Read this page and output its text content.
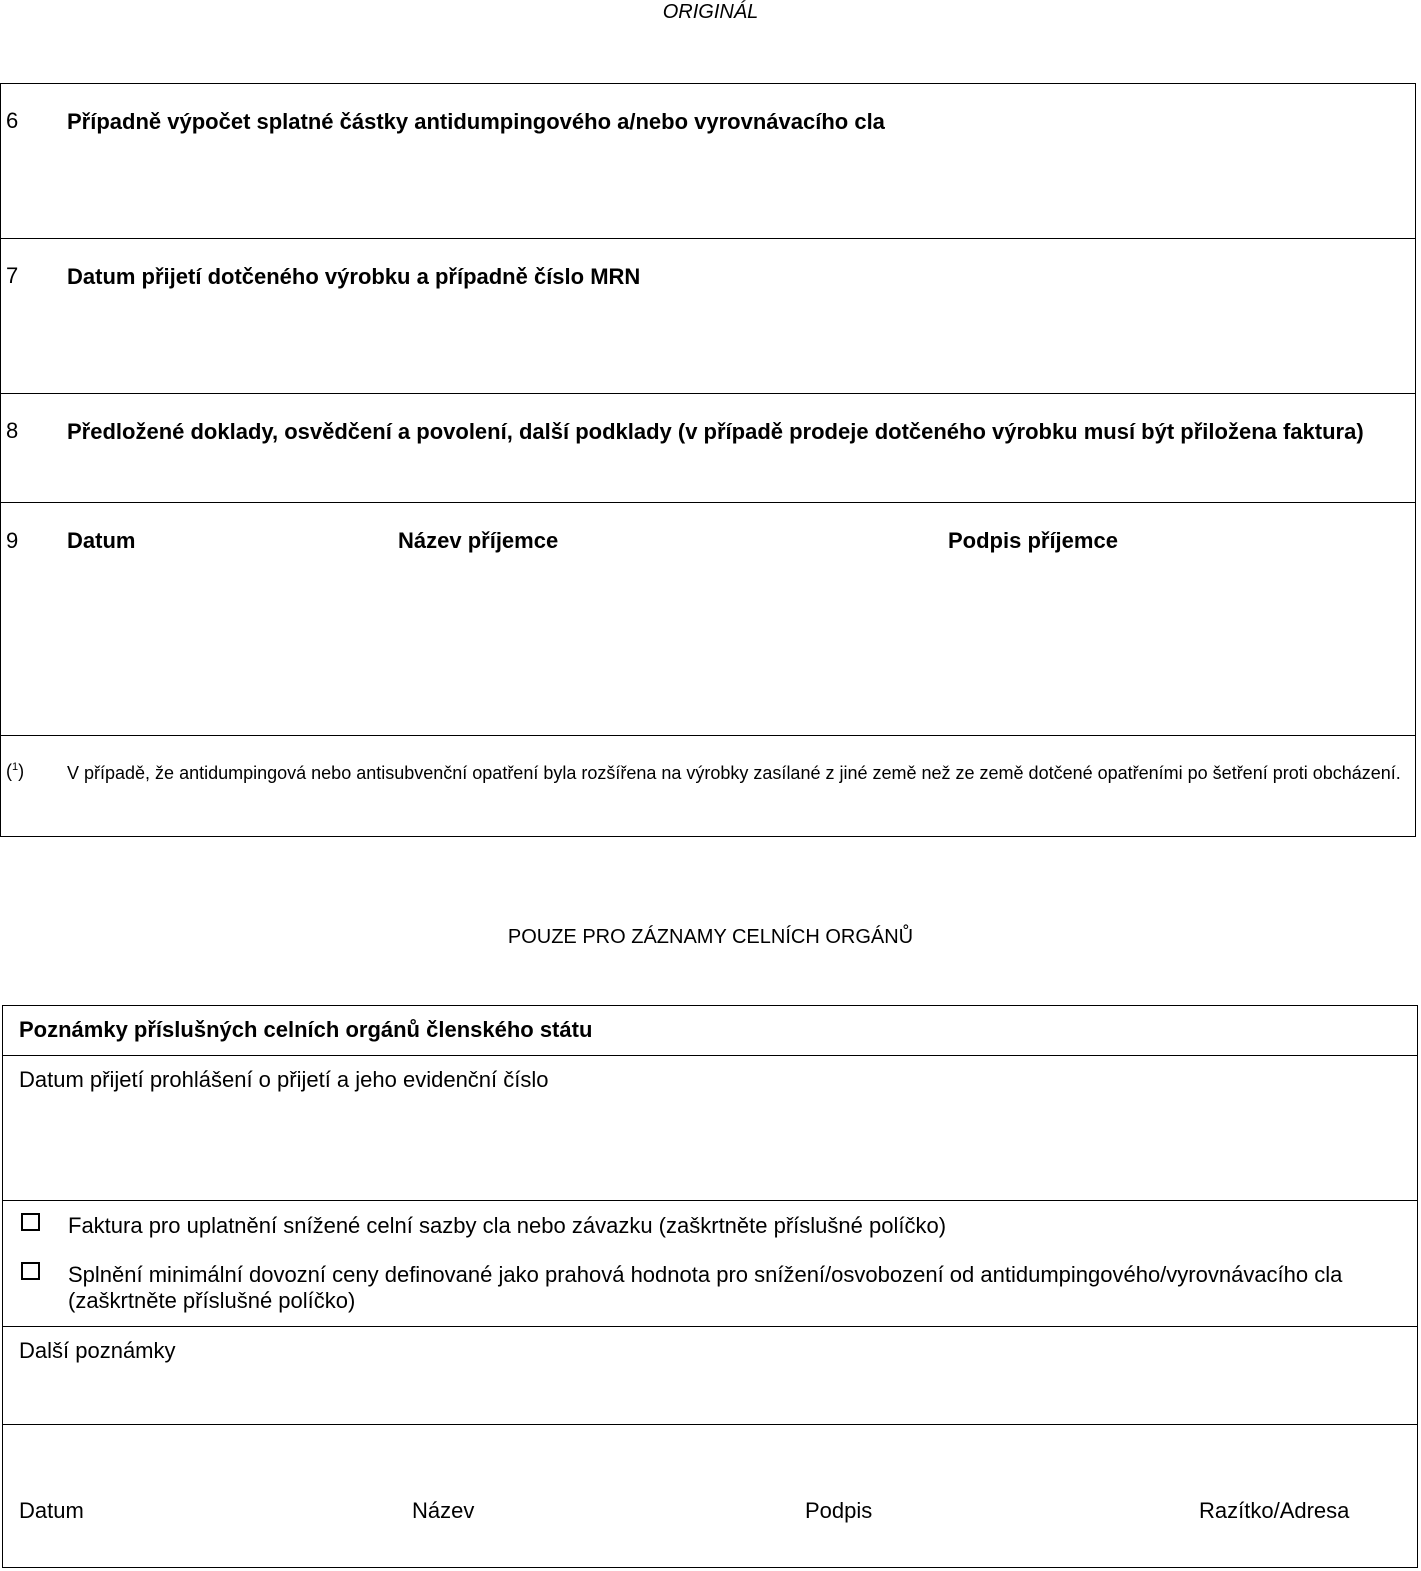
ORIGINÁL
6 Případně výpočet splatné částky antidumpingového a/nebo vyrovnávacího cla
7 Datum přijetí dotčeného výrobku a případně číslo MRN
8 Předložené doklady, osvědčení a povolení, další podklady (v případě prodeje dotčeného výrobku musí být přiložena faktura)
9 Datum	Název příjemce	Podpis příjemce
($^1$) V případě, že antidumpingová nebo antisubvenční opatření byla rozšířena na výrobky zasílané z jiné země než ze země dotčené opatřeními po šetření proti obcházení.
POUZE PRO ZÁZNAMY CELNÍCH ORGÁNŮ
Poznámky příslušných celních orgánů členského státu
Datum přijetí prohlášení o přijetí a jeho evidenční číslo
Faktura pro uplatnění snížené celní sazby cla nebo závazku (zaškrtněte příslušné políčko)
Splnění minimální dovozní ceny definované jako prahová hodnota pro snížení/osvobození od antidumpingového/vyrovnávacího cla (zaškrtněte příslušné políčko)
Další poznámky
Datum	Název	Podpis	Razítko/Adresa
